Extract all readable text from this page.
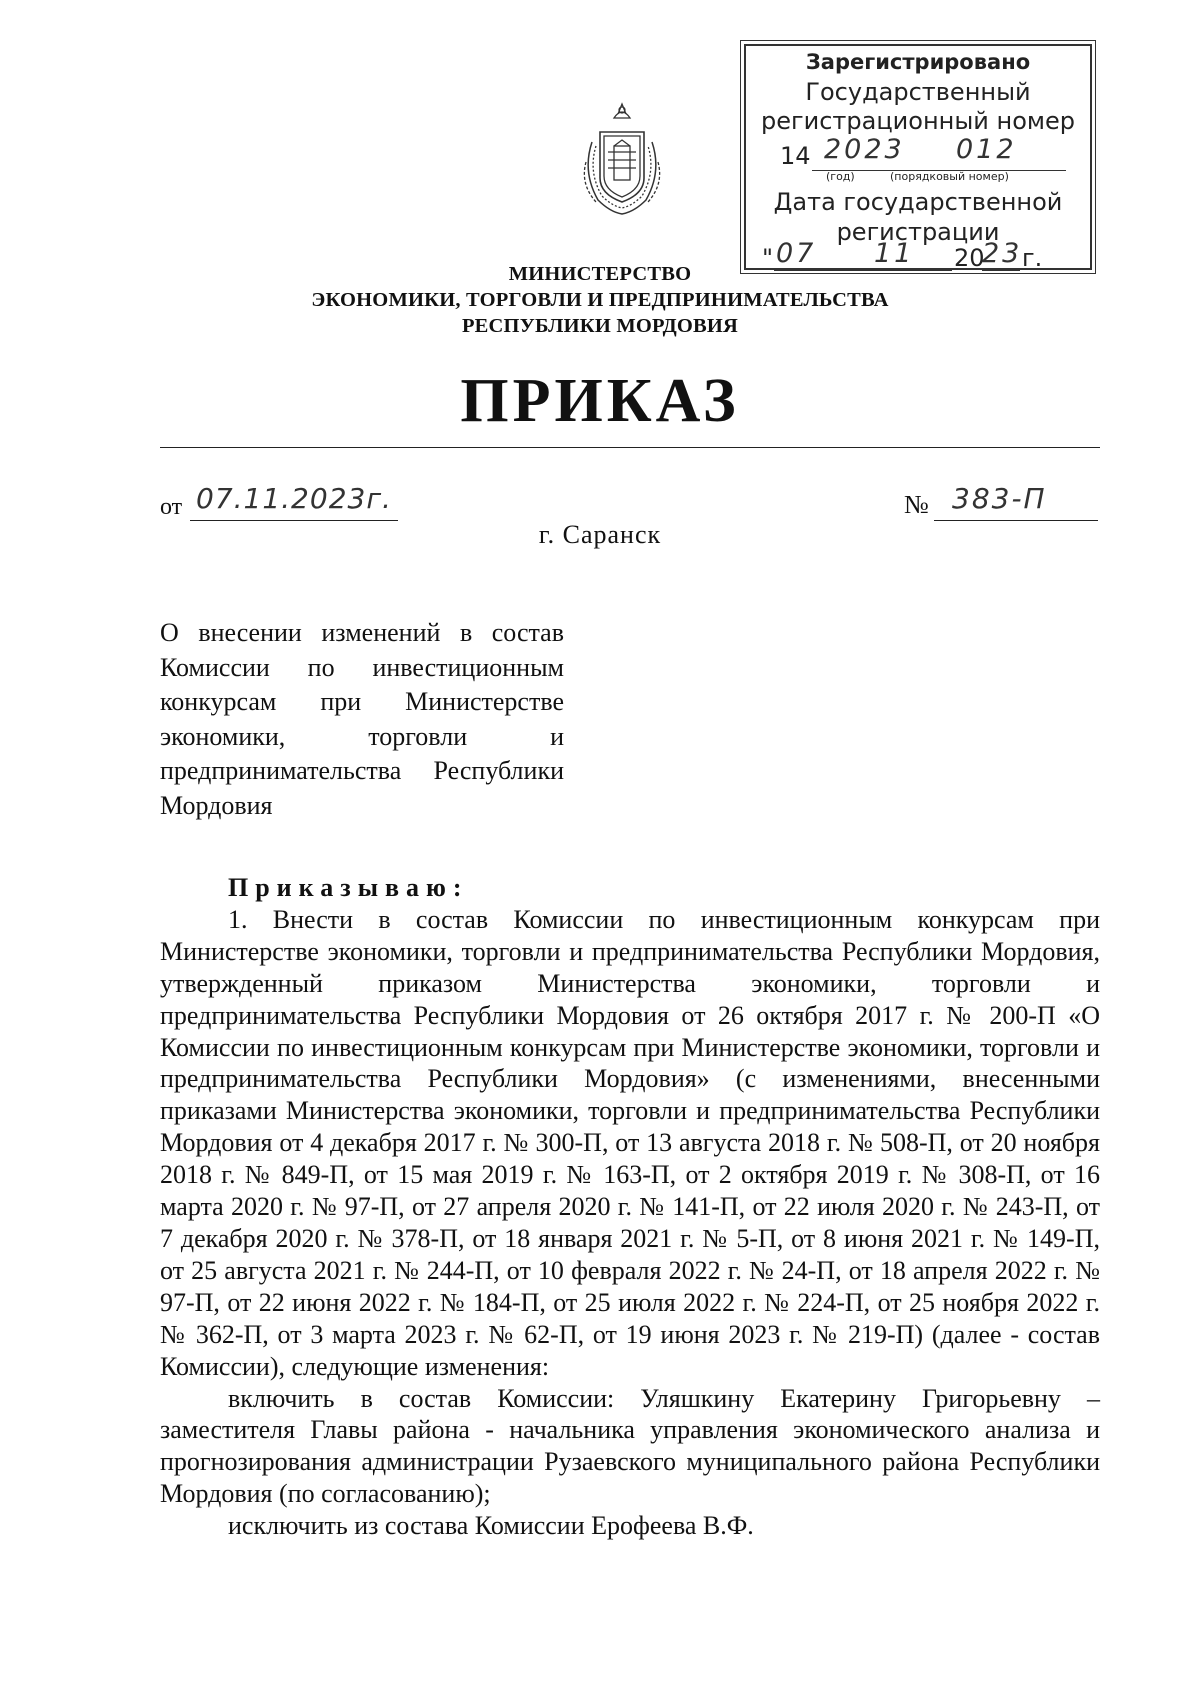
Зарегистрировано
Государственный
регистрационный номер
14 2023 012
(год)	(порядковый номер)
Дата государственной
регистрации
" 07 11 20
23 г.
МИНИСТЕРСТВО
ЭКОНОМИКИ, ТОРГОВЛИ И ПРЕДПРИНИМАТЕЛЬСТВА
РЕСПУБЛИКИ МОРДОВИЯ
ПРИКАЗ
от 07.11.2023г.	№ 383-П
г. Саранск
О внесении изменений в состав
Комиссии по инвестиционным
конкурсам при Министерстве
экономики, торговли и
предпринимательства Республики
Мордовия

Приказываю:

1. Внести в состав Комиссии по инвестиционным конкурсам при Министерстве экономики, торговли и предпринимательства Республики Мордовия, утвержденный приказом Министерства экономики, торговли и предпринимательства Республики Мордовия от 26 октября 2017 г. № 200-П «О Комиссии по инвестиционным конкурсам при Министерстве экономики, торговли и предпринимательства Республики Мордовия» (с изменениями, внесенными приказами Министерства экономики, торговли и предпринимательства Республики Мордовия от 4 декабря 2017 г. № 300-П, от 13 августа 2018 г. № 508-П, от 20 ноября 2018 г. № 849-П, от 15 мая 2019 г. № 163-П, от 2 октября 2019 г. № 308-П, от 16 марта 2020 г. № 97-П, от 27 апреля 2020 г. № 141-П, от 22 июля 2020 г. № 243-П, от 7 декабря 2020 г. № 378-П, от 18 января 2021 г. № 5-П, от 8 июня 2021 г. № 149-П, от 25 августа 2021 г. № 244-П, от 10 февраля 2022 г. № 24-П, от 18 апреля 2022 г. № 97-П, от 22 июня 2022 г. № 184-П, от 25 июля 2022 г. № 224-П, от 25 ноября 2022 г. № 362-П, от 3 марта 2023 г. № 62-П, от 19 июня 2023 г. № 219-П) (далее - состав Комиссии), следующие изменения:

включить в состав Комиссии: Уляшкину Екатерину Григорьевну – заместителя Главы района - начальника управления экономического анализа и прогнозирования администрации Рузаевского муниципального района Республики Мордовия (по согласованию);

исключить из состава Комиссии Ерофеева В.Ф.
